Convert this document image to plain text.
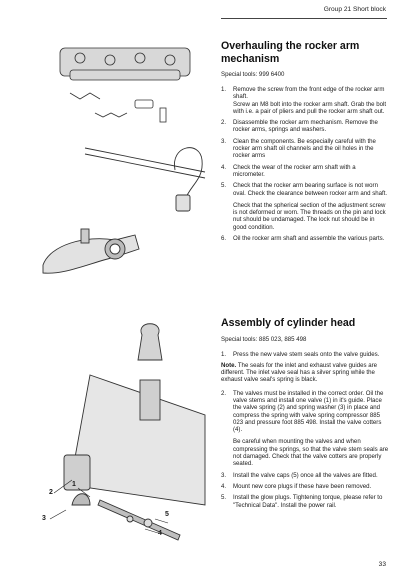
Group 21 Short block
1
2
3
4
5
Overhauling the rocker arm mechanism
Special tools: 999 6400
1. Remove the screw from the front edge of the rocker arm shaft.
Screw an M8 bolt into the rocker arm shaft. Grab the bolt with i.e. a pair of pliers and pull the rocker arm shaft out.
2. Disassemble the rocker arm mechanism. Remove the rocker arms, springs and washers.
3. Clean the components. Be especially careful with the rocker arm shaft oil channels and the oil holes in the rocker arms
4. Check the wear of the rocker arm shaft with a micrometer.
5. Check that the rocker arm bearing surface is not worn oval. Check the clearance between rocker arm and shaft.
Check that the spherical section of the adjustment screw is not deformed or worn. The threads on the pin and lock nut should be undamaged. The lock nut should be in good condition.
6. Oil the rocker arm shaft and assemble the various parts.
Assembly of cylinder head
Special tools: 885 023, 885 498
1. Press the new valve stem seals onto the valve guides.
Note. The seals for the inlet and exhaust valve guides are different. The inlet valve seal has a silver spring while the exhaust valve seal's spring is black.
2. The valves must be installed in the correct order. Oil the valve stems and install one valve (1) in it's guide. Place the valve spring (2) and spring washer (3) in place and compress the spring with valve spring compressor 885 023 and pressure foot 885 498. Install the valve cotters (4).
Be careful when mounting the valves and when compressing the springs, so that the valve stem seals are not damaged. Check that the valve cotters are properly seated.
3. Install the valve caps (5) once all the valves are fitted.
4. Mount new core plugs if these have been removed.
5. Install the glow plugs. Tightening torque, please refer to "Technical Data". Install the power rail.
33
